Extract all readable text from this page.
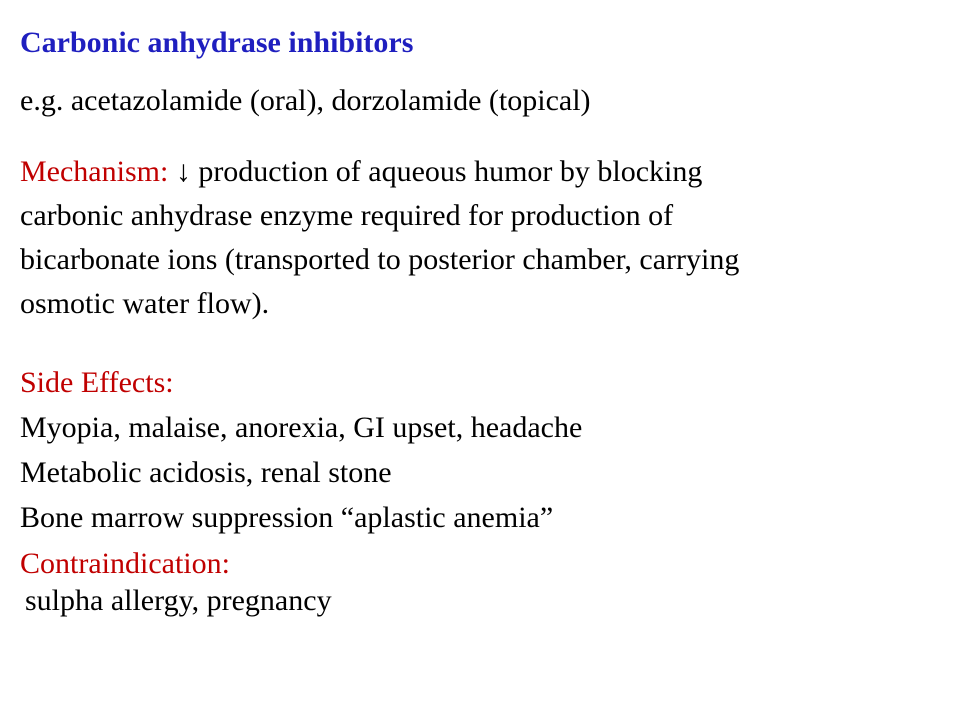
Carbonic anhydrase inhibitors
e.g. acetazolamide (oral), dorzolamide (topical)
Mechanism: ↓ production of aqueous humor by blocking
carbonic anhydrase enzyme required for production of
bicarbonate ions (transported to posterior chamber, carrying
osmotic water flow).
Side Effects:
Myopia, malaise, anorexia, GI upset, headache
Metabolic acidosis, renal stone
Bone marrow suppression “aplastic anemia”
Contraindication:
sulpha allergy, pregnancy
